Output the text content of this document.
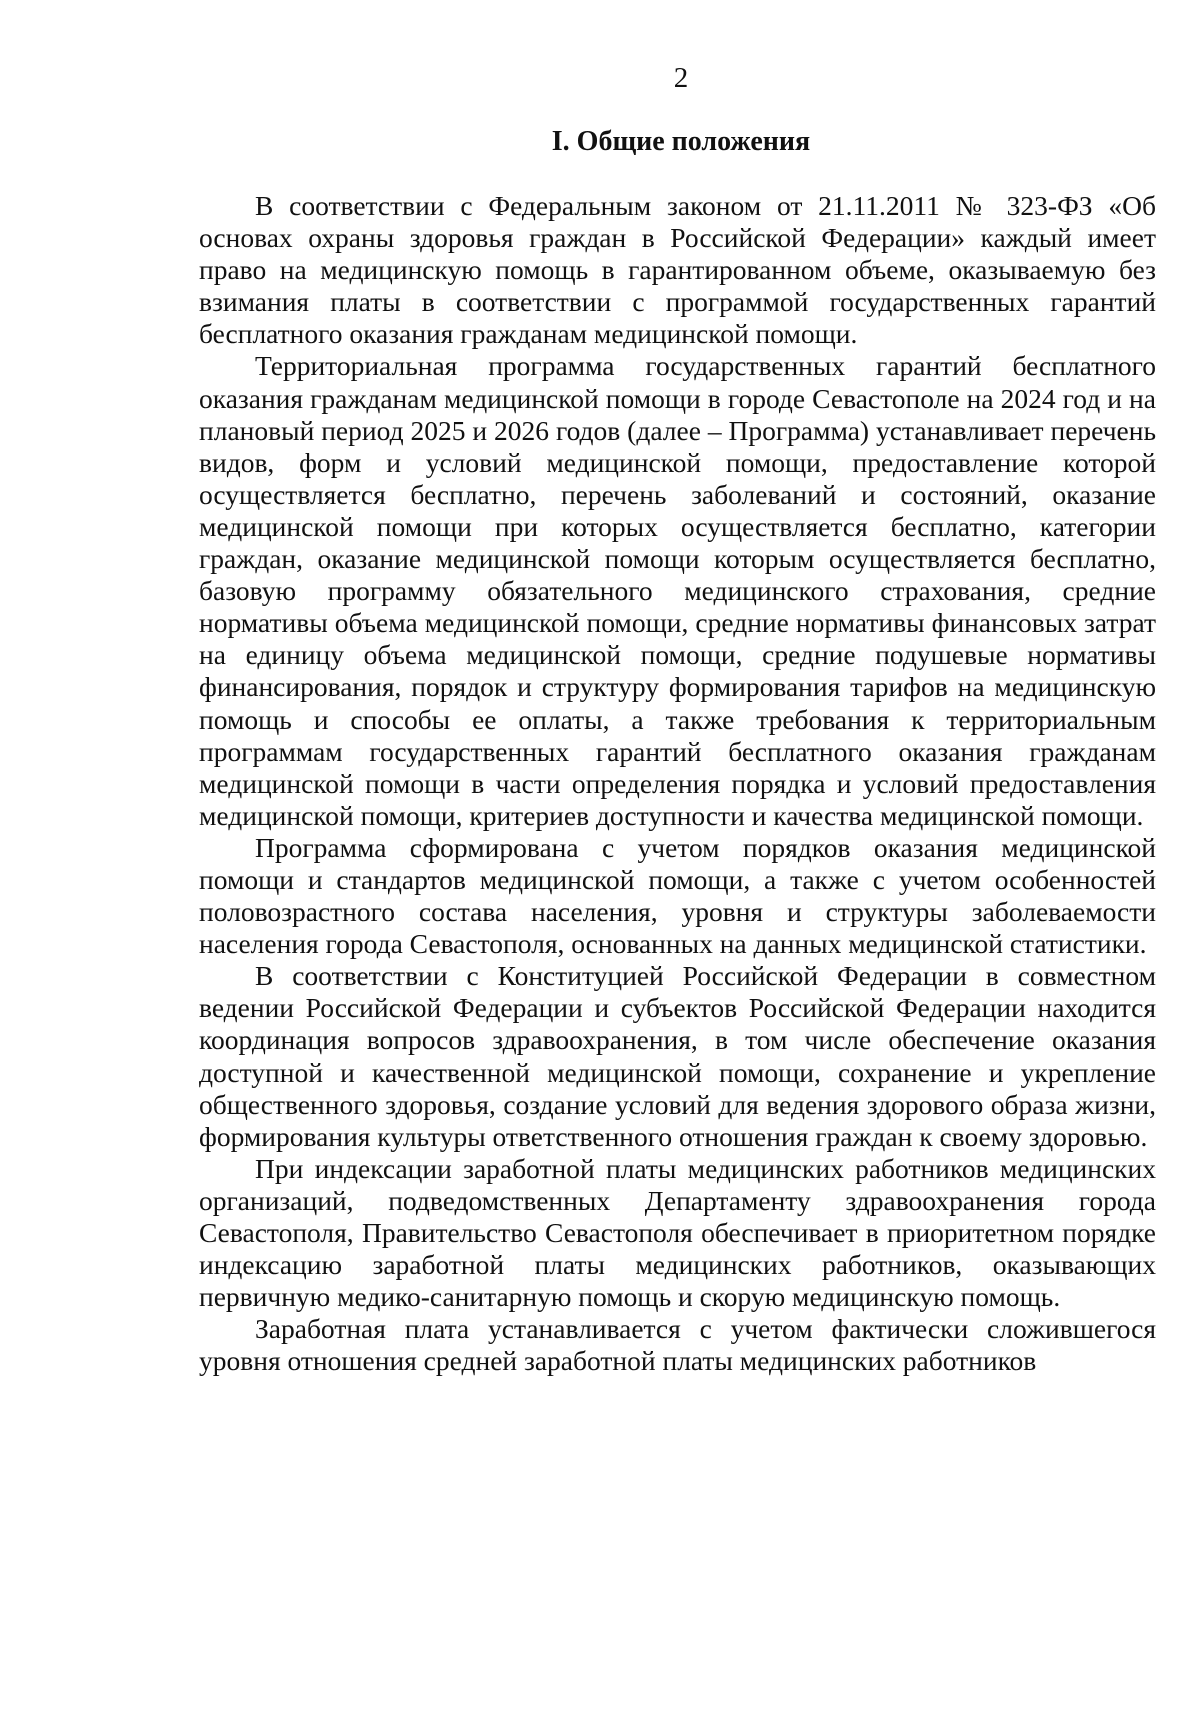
2
I. Общие положения

В соответствии с Федеральным законом от 21.11.2011 № 323-ФЗ «Об основах охраны здоровья граждан в Российской Федерации» каждый имеет право на медицинскую помощь в гарантированном объеме, оказываемую без взимания платы в соответствии с программой государственных гарантий бесплатного оказания гражданам медицинской помощи.

Территориальная программа государственных гарантий бесплатного оказания гражданам медицинской помощи в городе Севастополе на 2024 год и на плановый период 2025 и 2026 годов (далее – Программа) устанавливает перечень видов, форм и условий медицинской помощи, предоставление которой осуществляется бесплатно, перечень заболеваний и состояний, оказание медицинской помощи при которых осуществляется бесплатно, категории граждан, оказание медицинской помощи которым осуществляется бесплатно, базовую программу обязательного медицинского страхования, средние нормативы объема медицинской помощи, средние нормативы финансовых затрат на единицу объема медицинской помощи, средние подушевые нормативы финансирования, порядок и структуру формирования тарифов на медицинскую помощь и способы ее оплаты, а также требования к территориальным программам государственных гарантий бесплатного оказания гражданам медицинской помощи в части определения порядка и условий предоставления медицинской помощи, критериев доступности и качества медицинской помощи.

Программа сформирована с учетом порядков оказания медицинской помощи и стандартов медицинской помощи, а также с учетом особенностей половозрастного состава населения, уровня и структуры заболеваемости населения города Севастополя, основанных на данных медицинской статистики.

В соответствии с Конституцией Российской Федерации в совместном ведении Российской Федерации и субъектов Российской Федерации находится координация вопросов здравоохранения, в том числе обеспечение оказания доступной и качественной медицинской помощи, сохранение и укрепление общественного здоровья, создание условий для ведения здорового образа жизни, формирования культуры ответственного отношения граждан к своему здоровью.

При индексации заработной платы медицинских работников медицинских организаций, подведомственных Департаменту здравоохранения города Севастополя, Правительство Севастополя обеспечивает в приоритетном порядке индексацию заработной платы медицинских работников, оказывающих первичную медико-санитарную помощь и скорую медицинскую помощь.

Заработная плата устанавливается с учетом фактически сложившегося уровня отношения средней заработной платы медицинских работников
